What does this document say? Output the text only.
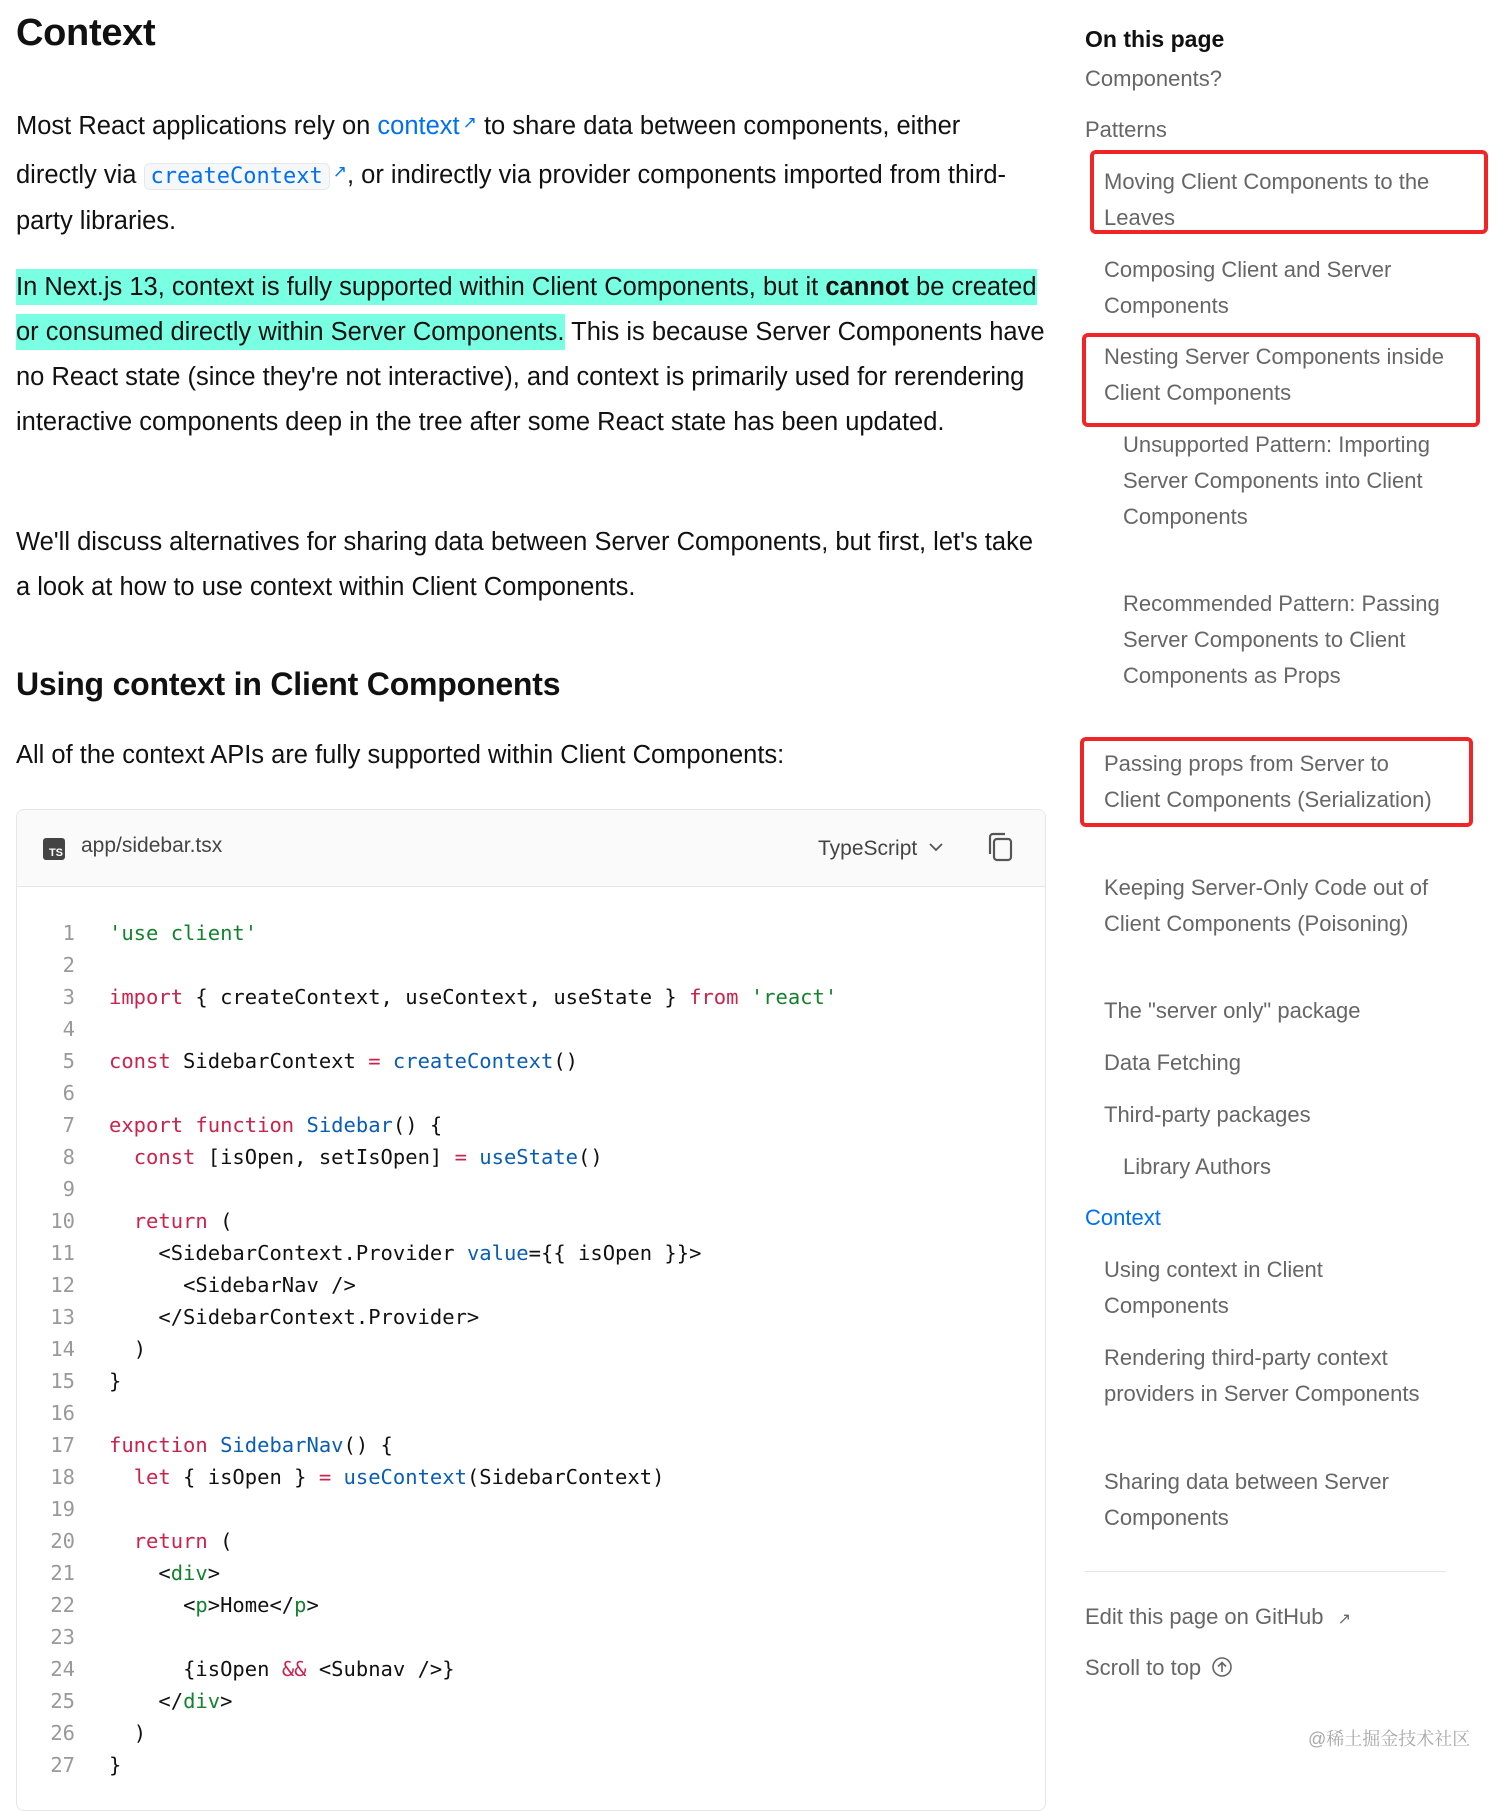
Context

Most React applications rely on context ↗ to share data between components, either directly via createContext ↗, or indirectly via provider components imported from third-party libraries.

In Next.js 13, context is fully supported within Client Components, but it cannot be created or consumed directly within Server Components. This is because Server Components have no React state (since they're not interactive), and context is primarily used for rerendering interactive components deep in the tree after some React state has been updated.

We'll discuss alternatives for sharing data between Server Components, but first, let's take a look at how to use context within Client Components.

Using context in Client Components

All of the context APIs are fully supported within Client Components:

TS app/sidebar.tsx	TypeScript
1 'use client'
2
3 import { createContext, useContext, useState } from 'react'
4
5 const SidebarContext = createContext()
6
7 export function Sidebar() {
8	const [isOpen, setIsOpen] = useState()
9
10	return (
11	<SidebarContext.Provider value={{ isOpen }}>
12	<SidebarNav />
13	</SidebarContext.Provider>
14	)
15 }
16
17 function SidebarNav() {
18	let { isOpen } = useContext(SidebarContext)
19
20	return (
21	<div>
22	<p>Home</p>
23
24	{isOpen && <Subnav />}
25	</div>
26	)
27 }
On this page

Components?

Patterns

Moving Client Components to the Leaves

Composing Client and Server Components

Nesting Server Components inside Client Components

Unsupported Pattern: Importing Server Components into Client Components

Recommended Pattern: Passing Server Components to Client Components as Props

Passing props from Server to Client Components (Serialization)

Keeping Server-Only Code out of Client Components (Poisoning)

The "server only" package

Data Fetching

Third-party packages

Library Authors

Context

Using context in Client Components

Rendering third-party context providers in Server Components

Sharing data between Server Components

Edit this page on GitHub ↗
Scroll to top
@稀土掘金技术社区
